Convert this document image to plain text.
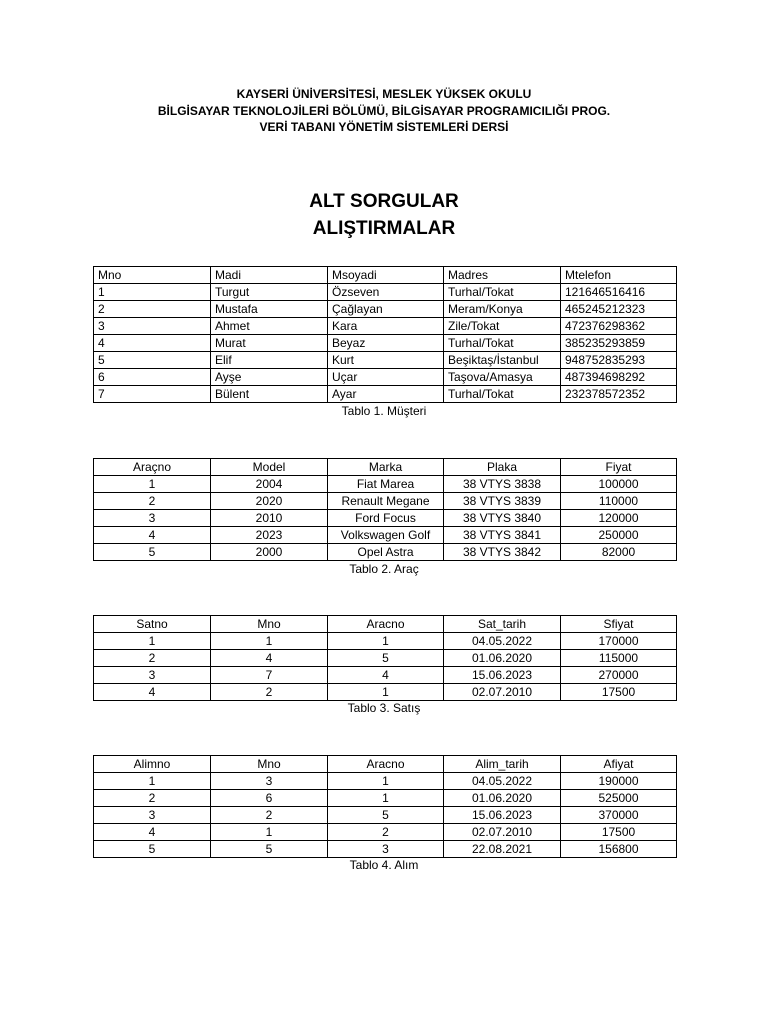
KAYSERİ ÜNİVERSİTESİ, MESLEK YÜKSEK OKULU
BİLGİSAYAR TEKNOLOJİLERİ BÖLÜMÜ, BİLGİSAYAR PROGRAMICILIĞI PROG.
VERİ TABANI YÖNETİM SİSTEMLERİ DERSİ
ALT SORGULAR
ALIŞTIRMALAR
Mno	Madi	Msoyadi	Madres	Mtelefon
1	Turgut	Özseven	Turhal/Tokat	121646516416
2	Mustafa	Çağlayan	Meram/Konya	465245212323
3	Ahmet	Kara	Zile/Tokat	472376298362
4	Murat	Beyaz	Turhal/Tokat	385235293859
5	Elif	Kurt	Beşiktaş/İstanbul	948752835293
6	Ayşe	Uçar	Taşova/Amasya	487394698292
7	Bülent	Ayar	Turhal/Tokat	232378572352
Tablo 1. Müşteri
Araçno	Model	Marka	Plaka	Fiyat
1	2004	Fiat Marea	38 VTYS 3838	100000
2	2020	Renault Megane	38 VTYS 3839	110000
3	2010	Ford Focus	38 VTYS 3840	120000
4	2023	Volkswagen Golf	38 VTYS 3841	250000
5	2000	Opel Astra	38 VTYS 3842	82000
Tablo 2. Araç
Satno	Mno	Aracno	Sat_tarih	Sfiyat
1	1	1	04.05.2022	170000
2	4	5	01.06.2020	115000
3	7	4	15.06.2023	270000
4	2	1	02.07.2010	17500
Tablo 3. Satış
Alimno	Mno	Aracno	Alim_tarih	Afiyat
1	3	1	04.05.2022	190000
2	6	1	01.06.2020	525000
3	2	5	15.06.2023	370000
4	1	2	02.07.2010	17500
5	5	3	22.08.2021	156800
Tablo 4. Alım
